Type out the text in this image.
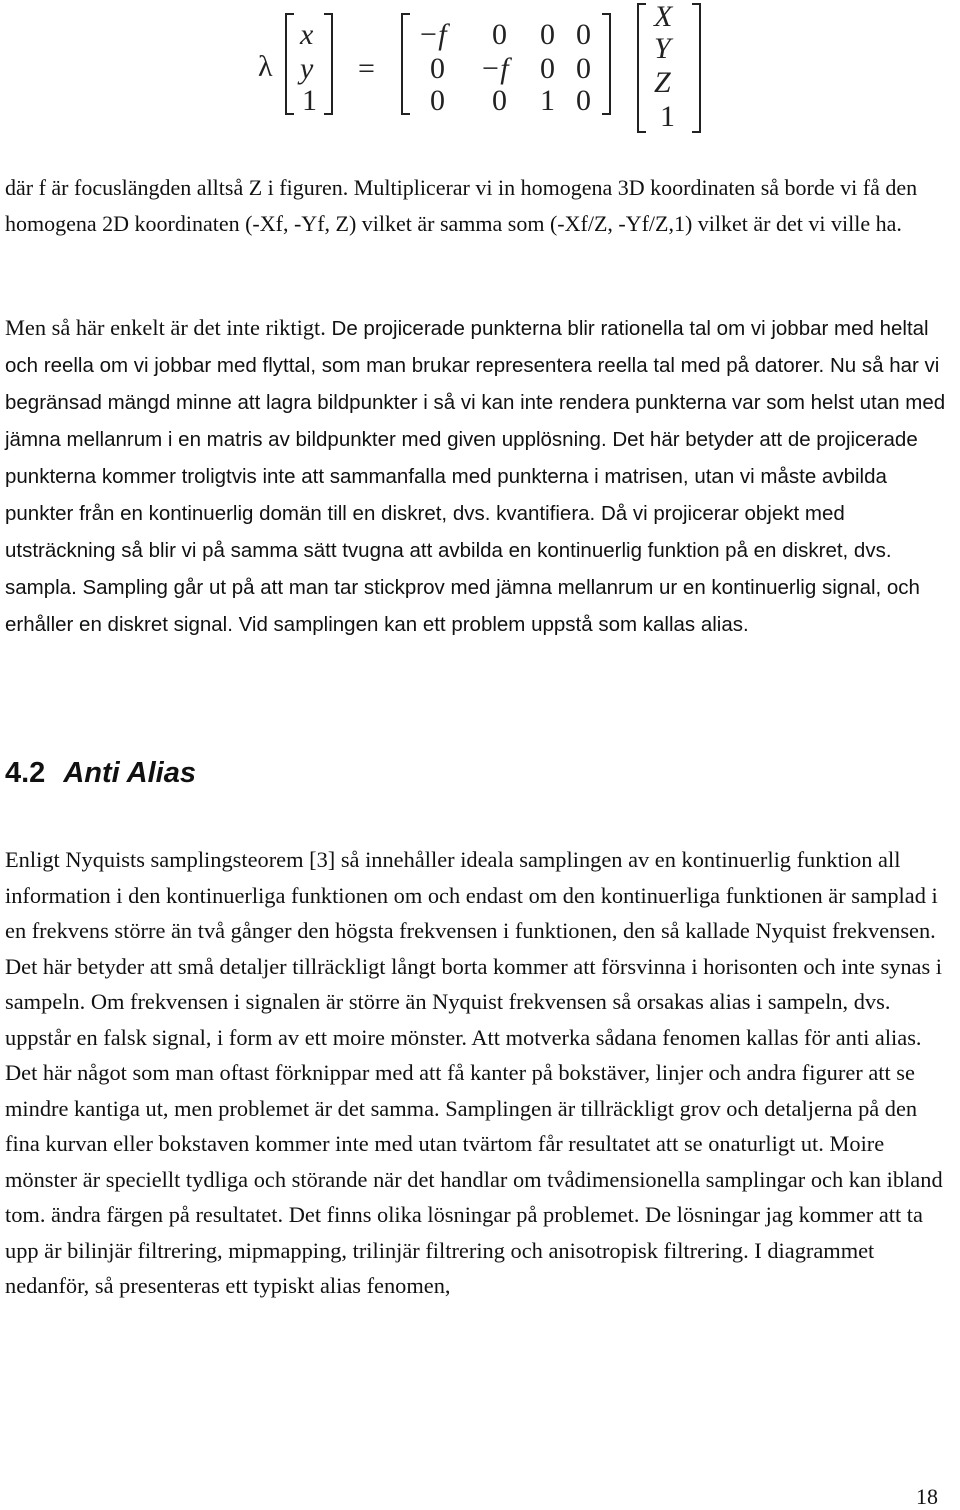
λ
x
y
1
=
−f 0 0 0
0 −f 0 0
0 0 1 0
X
Y
Z
1

där f är focuslängden alltså Z i figuren. Multiplicerar vi in homogena 3D koordinaten så borde vi få den homogena 2D koordinaten (-Xf, -Yf, Z) vilket är samma som (-Xf/Z, -Yf/Z,1) vilket är det vi ville ha.

Men så här enkelt är det inte riktigt. De projicerade punkterna blir rationella tal om vi jobbar med heltal och reella om vi jobbar med flyttal, som man brukar representera reella tal med på datorer. Nu så har vi begränsad mängd minne att lagra bildpunkter i så vi kan inte rendera punkterna var som helst utan med jämna mellanrum i en matris av bildpunkter med given upplösning. Det här betyder att de projicerade punkterna kommer troligtvis inte att sammanfalla med punkterna i matrisen, utan vi måste avbilda punkter från en kontinuerlig domän till en diskret, dvs. kvantifiera. Då vi projicerar objekt med utsträckning så blir vi på samma sätt tvugna att avbilda en kontinuerlig funktion på en diskret, dvs. sampla. Sampling går ut på att man tar stickprov med jämna mellanrum ur en kontinuerlig signal, och erhåller en diskret signal. Vid samplingen kan ett problem uppstå som kallas alias.

4.2 Anti Alias

Enligt Nyquists samplingsteorem [3] så innehåller ideala samplingen av en kontinuerlig funktion all information i den kontinuerliga funktionen om och endast om den kontinuerliga funktionen är samplad i en frekvens större än två gånger den högsta frekvensen i funktionen, den så kallade Nyquist frekvensen. Det här betyder att små detaljer tillräckligt långt borta kommer att försvinna i horisonten och inte synas i sampeln. Om frekvensen i signalen är större än Nyquist frekvensen så orsakas alias i sampeln, dvs. uppstår en falsk signal, i form av ett moire mönster. Att motverka sådana fenomen kallas för anti alias. Det här något som man oftast förknippar med att få kanter på bokstäver, linjer och andra figurer att se mindre kantiga ut, men problemet är det samma. Samplingen är tillräckligt grov och detaljerna på den fina kurvan eller bokstaven kommer inte med utan tvärtom får resultatet att se onaturligt ut. Moire mönster är speciellt tydliga och störande när det handlar om tvådimensionella samplingar och kan ibland tom. ändra färgen på resultatet. Det finns olika lösningar på problemet. De lösningar jag kommer att ta upp är bilinjär filtrering, mipmapping, trilinjär filtrering och anisotropisk filtrering. I diagrammet nedanför, så presenteras ett typiskt alias fenomen,

18
